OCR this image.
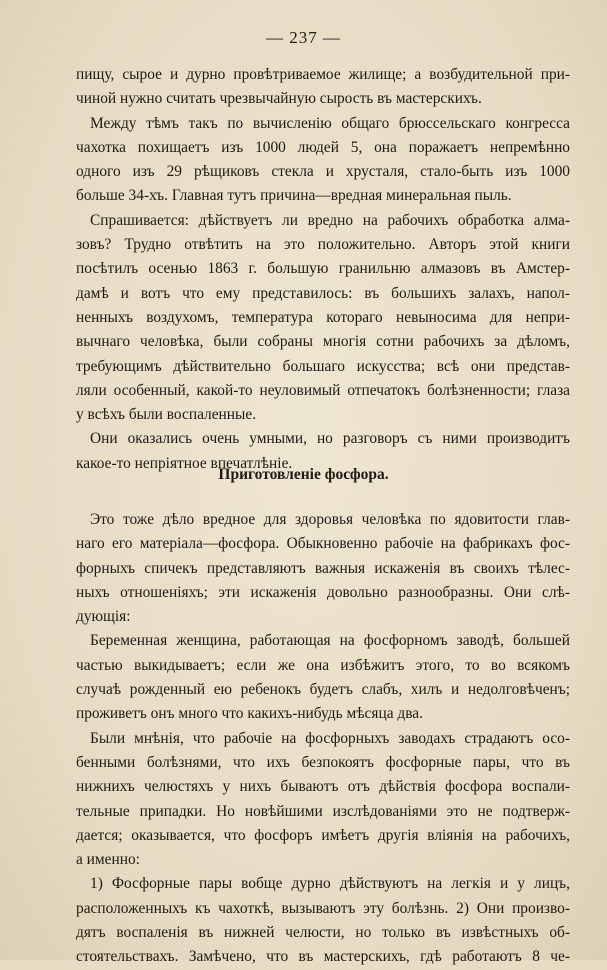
— 237 —
пищу, сырое и дурно провѣтриваемое жилище; а возбудительной при-
чиной нужно считать чрезвычайную сырость въ мастерскихъ.
Между тѣмъ такъ по вычисленію общаго брюссельскаго конгресса
чахотка похищаетъ изъ 1000 людей 5, она поражаетъ непремѣнно
одного изъ 29 рѣщиковъ стекла и хрусталя, стало-быть изъ 1000
больше 34-хъ. Главная тутъ причина—вредная минеральная пыль.
Спрашивается: дѣйствуетъ ли вредно на рабочихъ обработка алма-
зовъ? Трудно отвѣтить на это положительно. Авторъ этой книги
посѣтилъ осенью 1863 г. большую гранильню алмазовъ въ Амстер-
дамѣ и вотъ что ему представилось: въ большихъ залахъ, напол-
ненныхъ воздухомъ, температура котораго невыносима для непри-
вычнаго человѣка, были собраны многія сотни рабочихъ за дѣломъ,
требующимъ дѣйствительно большаго искусства; всѣ они представ-
ляли особенный, какой-то неуловимый отпечатокъ болѣзненности; глаза
у всѣхъ были воспаленные.
Они оказались очень умными, но разговоръ съ ними производитъ
какое-то непріятное впечатлѣніе.
Приготовленіе фосфора.
Это тоже дѣло вредное для здоровья человѣка по ядовитости глав-
наго его матеріала—фосфора. Обыкновенно рабочіе на фабрикахъ фос-
форныхъ спичекъ представляютъ важныя искаженія въ своихъ тѣлес-
ныхъ отношеніяхъ; эти искаженія довольно разнообразны. Они слѣ-
дующія:
Беременная женщина, работающая на фосфорномъ заводѣ, большей
частью выкидываетъ; если же она избѣжитъ этого, то во всякомъ
случаѣ рожденный ею ребенокъ будетъ слабъ, хилъ и недолговѣченъ;
проживетъ онъ много что какихъ-нибудь мѣсяца два.
Были мнѣнія, что рабочіе на фосфорныхъ заводахъ страдаютъ осо-
бенными болѣзнями, что ихъ безпокоятъ фосфорные пары, что въ
нижнихъ челюстяхъ у нихъ бываютъ отъ дѣйствія фосфора воспали-
тельные припадки. Но новѣйшими изслѣдованіями это не подтверж-
дается; оказывается, что фосфоръ имѣетъ другія вліянія на рабочихъ,
а именно:
1) Фосфорные пары вобще дурно дѣйствуютъ на легкія и у лицъ,
расположенныхъ къ чахоткѣ, вызываютъ эту болѣзнь. 2) Они произво-
дятъ воспаленія въ нижней челюсти, но только въ извѣстныхъ об-
стоятельствахъ. Замѣчено, что въ мастерскихъ, гдѣ работаютъ 8 че-
